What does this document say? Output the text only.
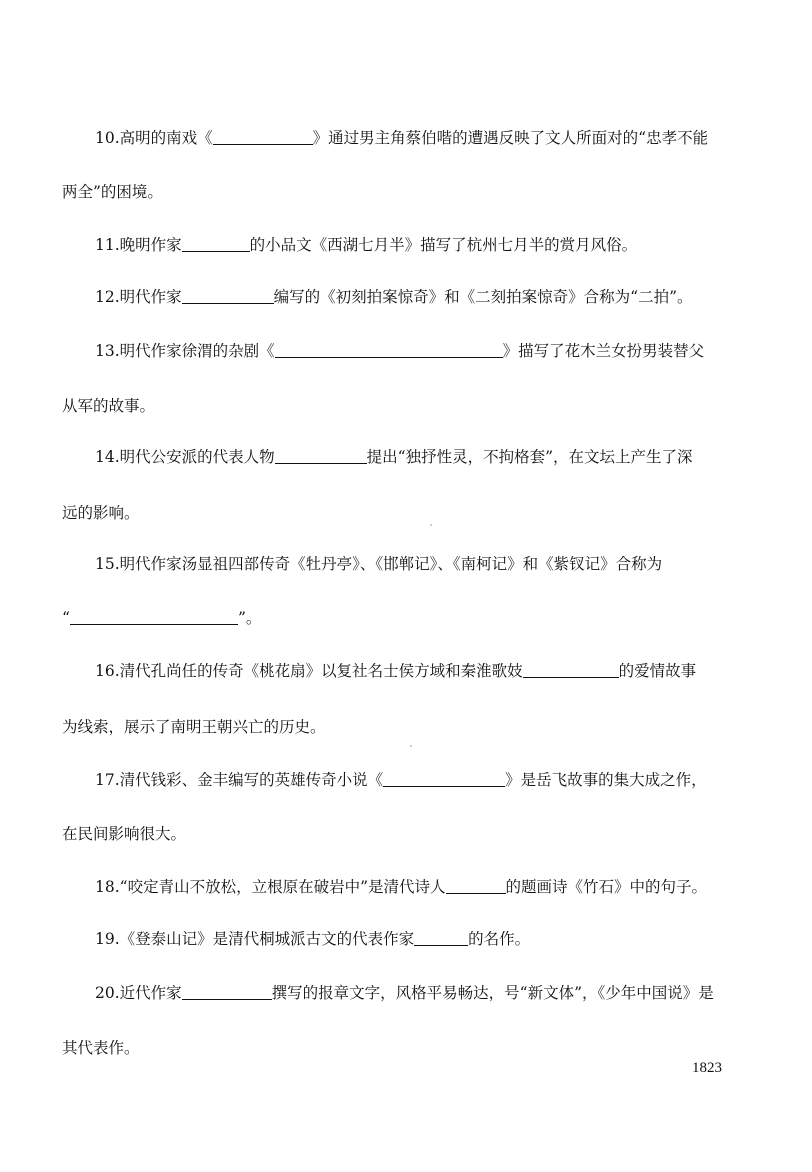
10.高明的南戏《	》通过男主角蔡伯喈的遭遇反映了文人所面对的“忠孝不能
两全”的困境。
11.晚明作家	的小品文《西湖七月半》描写了杭州七月半的赏月风俗。
12.明代作家	编写的《初刻拍案惊奇》和《二刻拍案惊奇》合称为“二拍”。
13.明代作家徐渭的杂剧《	》描写了花木兰女扮男装替父
从军的故事。
14.明代公安派的代表人物	提出“独抒性灵，不拘格套”，在文坛上产生了深
远的影响。
15.明代作家汤显祖四部传奇《牡丹亭》、《邯郸记》、《南柯记》和《紫钗记》合称为
“	”。
16.清代孔尚任的传奇《桃花扇》以复社名士侯方域和秦淮歌妓	的爱情故事
为线索，展示了南明王朝兴亡的历史。
17.清代钱彩、金丰编写的英雄传奇小说《	》是岳飞故事的集大成之作，
在民间影响很大。
18.“咬定青山不放松，立根原在破岩中”是清代诗人	的题画诗《竹石》中的句子。
19.《登泰山记》是清代桐城派古文的代表作家	的名作。
20.近代作家	撰写的报章文字，风格平易畅达，号“新文体”，《少年中国说》是
其代表作。
1823
